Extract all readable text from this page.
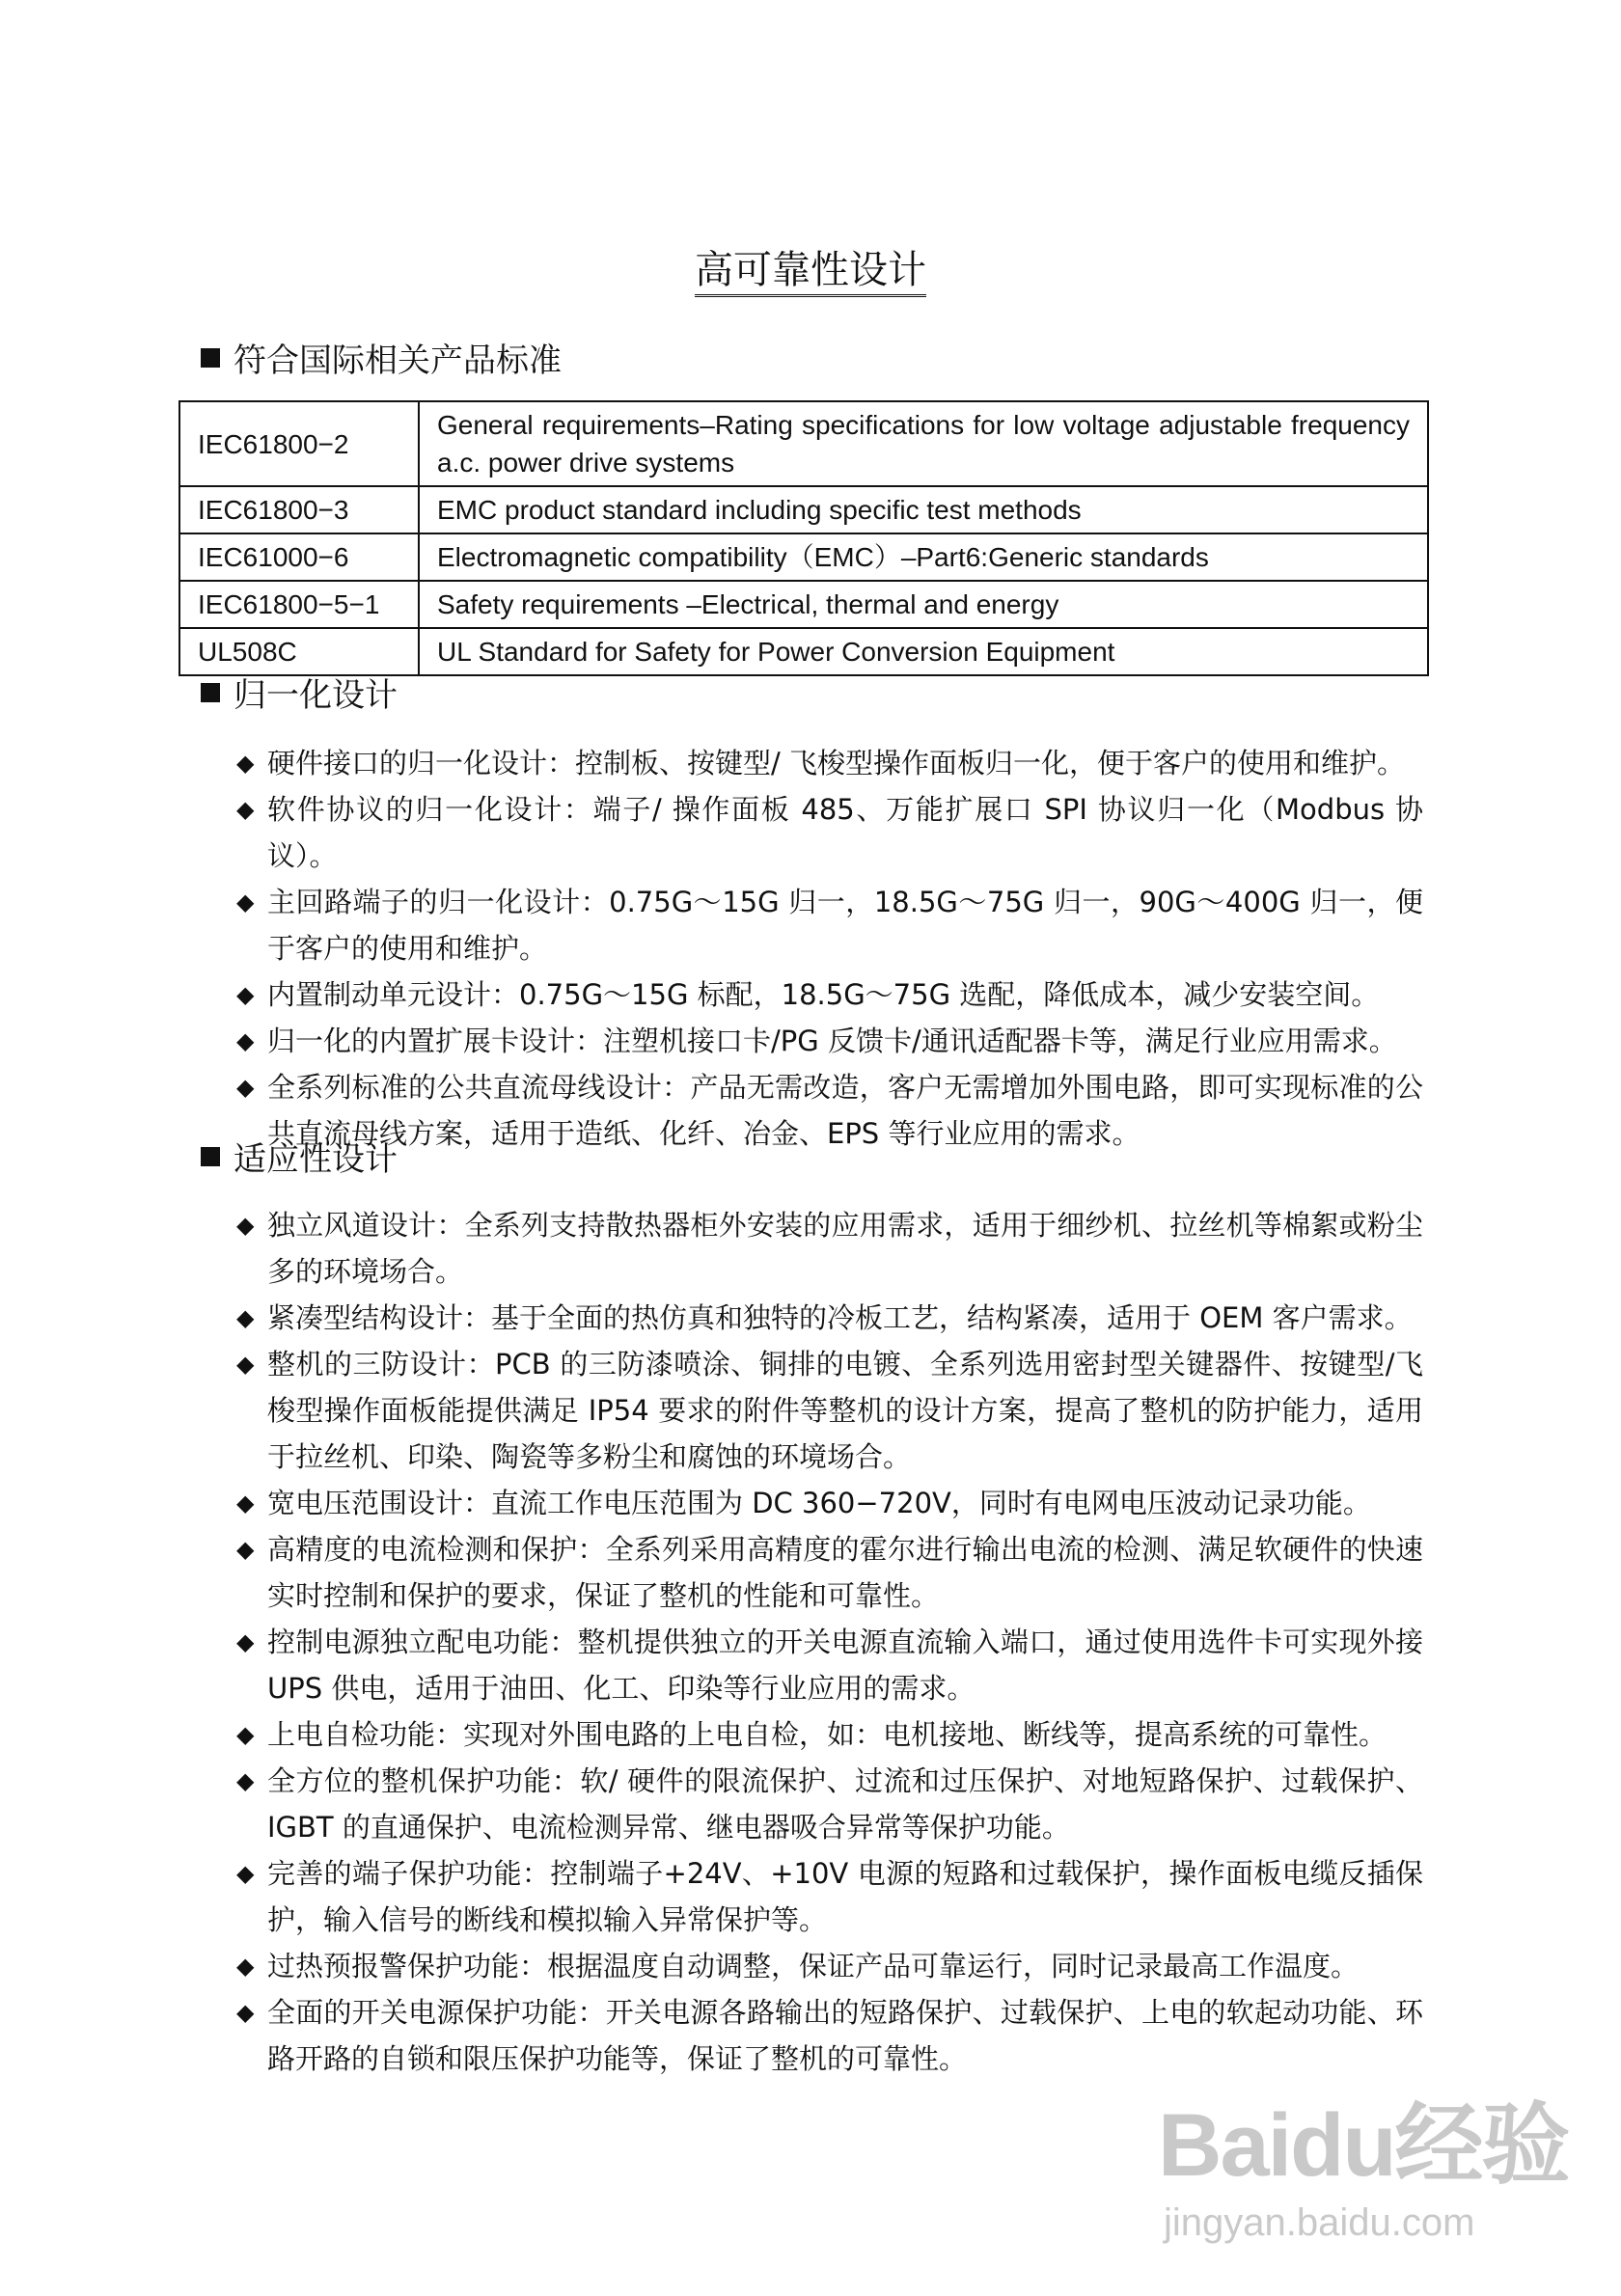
高可靠性设计
符合国际相关产品标准
IEC61800−2	General requirements–Rating specifications for low voltage adjustable frequency a.c. power drive systems
IEC61800−3	EMC product standard including specific test methods
IEC61000−6	Electromagnetic compatibility（EMC）–Part6:Generic standards
IEC61800−5−1	Safety requirements –Electrical, thermal and energy
UL508C	UL Standard for Safety for Power Conversion Equipment
归一化设计
◆ 硬件接口的归一化设计：控制板、按键型/ 飞梭型操作面板归一化，便于客户的使用和维护。
◆ 软件协议的归一化设计：端子/ 操作面板 485、万能扩展口 SPI 协议归一化（Modbus 协议）。
◆ 主回路端子的归一化设计：0.75G～15G 归一，18.5G～75G 归一，90G～400G 归一，便于客户的使用和维护。
◆ 内置制动单元设计：0.75G～15G 标配，18.5G～75G 选配，降低成本，减少安装空间。
◆ 归一化的内置扩展卡设计：注塑机接口卡/PG 反馈卡/通讯适配器卡等，满足行业应用需求。
◆ 全系列标准的公共直流母线设计：产品无需改造，客户无需增加外围电路，即可实现标准的公共直流母线方案，适用于造纸、化纤、冶金、EPS 等行业应用的需求。
适应性设计
◆ 独立风道设计：全系列支持散热器柜外安装的应用需求，适用于细纱机、拉丝机等棉絮或粉尘多的环境场合。
◆ 紧凑型结构设计：基于全面的热仿真和独特的冷板工艺，结构紧凑，适用于 OEM 客户需求。
◆ 整机的三防设计：PCB 的三防漆喷涂、铜排的电镀、全系列选用密封型关键器件、按键型/飞梭型操作面板能提供满足 IP54 要求的附件等整机的设计方案，提高了整机的防护能力，适用于拉丝机、印染、陶瓷等多粉尘和腐蚀的环境场合。
◆ 宽电压范围设计：直流工作电压范围为 DC 360−720V，同时有电网电压波动记录功能。
◆ 高精度的电流检测和保护：全系列采用高精度的霍尔进行输出电流的检测、满足软硬件的快速实时控制和保护的要求，保证了整机的性能和可靠性。
◆ 控制电源独立配电功能：整机提供独立的开关电源直流输入端口，通过使用选件卡可实现外接 UPS 供电，适用于油田、化工、印染等行业应用的需求。
◆ 上电自检功能：实现对外围电路的上电自检，如：电机接地、断线等，提高系统的可靠性。
◆ 全方位的整机保护功能：软/ 硬件的限流保护、过流和过压保护、对地短路保护、过载保护、IGBT 的直通保护、电流检测异常、继电器吸合异常等保护功能。
◆ 完善的端子保护功能：控制端子+24V、+10V 电源的短路和过载保护，操作面板电缆反插保护，输入信号的断线和模拟输入异常保护等。
◆ 过热预报警保护功能：根据温度自动调整，保证产品可靠运行，同时记录最高工作温度。
◆ 全面的开关电源保护功能：开关电源各路输出的短路保护、过载保护、上电的软起动功能、环路开路的自锁和限压保护功能等，保证了整机的可靠性。
Baidu经验
jingyan.baidu.com
